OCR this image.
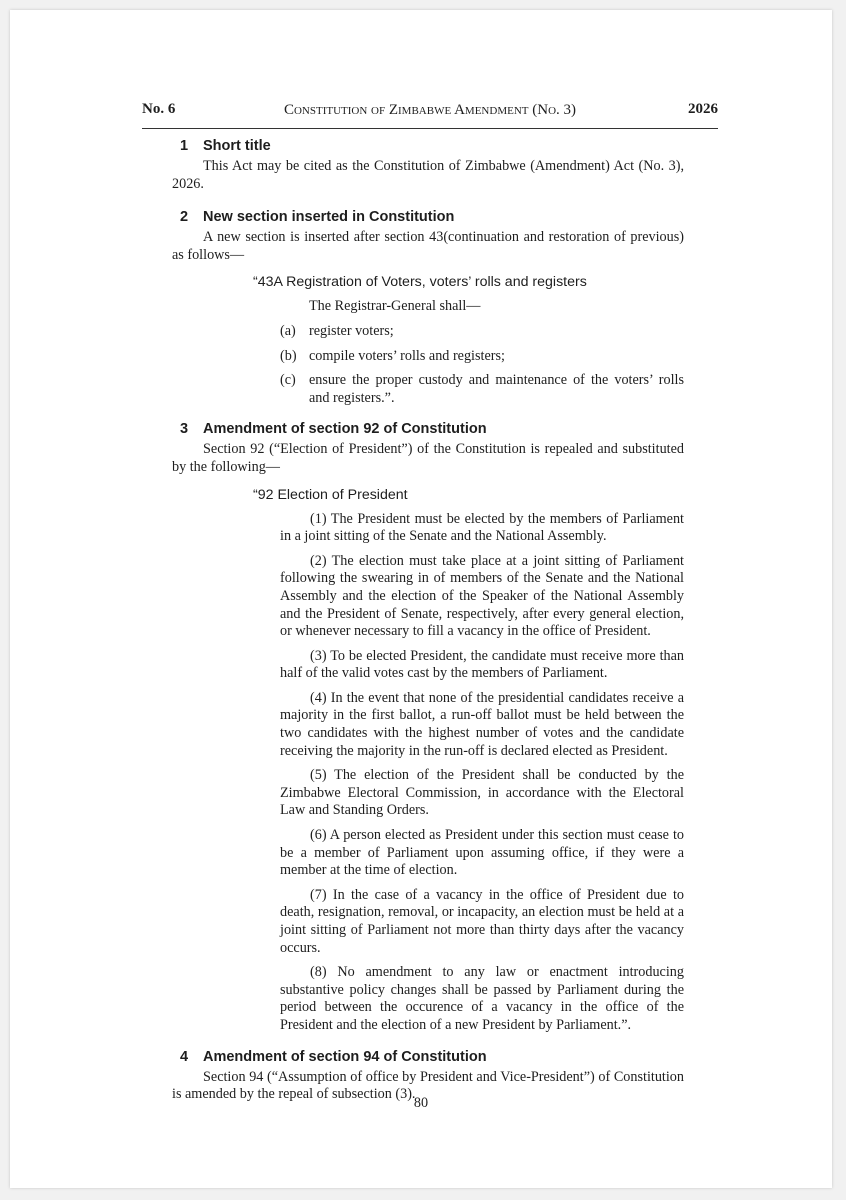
No. 6	Constitution of Zimbabwe Amendment (No. 3)	2026
1	Short title

This Act may be cited as the Constitution of Zimbabwe (Amendment) Act (No. 3), 2026.

2	New section inserted in Constitution

A new section is inserted after section 43(continuation and restoration of previous) as follows—

“43A Registration of Voters, voters’ rolls and registers
The Registrar-General shall—
(a) register voters;
(b) compile voters’ rolls and registers;
(c) ensure the proper custody and maintenance of the voters’ rolls and registers.”.
3	Amendment of section 92 of Constitution

Section 92 (“Election of President”) of the Constitution is repealed and substituted by the following—

“92 Election of President

(1) The President must be elected by the members of Parliament in a joint sitting of the Senate and the National Assembly.

(2) The election must take place at a joint sitting of Parliament following the swearing in of members of the Senate and the National Assembly and the election of the Speaker of the National Assembly and the President of Senate, respectively, after every general election, or whenever necessary to fill a vacancy in the office of President.

(3) To be elected President, the candidate must receive more than half of the valid votes cast by the members of Parliament.

(4) In the event that none of the presidential candidates receive a majority in the first ballot, a run-off ballot must be held between the two candidates with the highest number of votes and the candidate receiving the majority in the run-off is declared elected as President.

(5) The election of the President shall be conducted by the Zimbabwe Electoral Commission, in accordance with the Electoral Law and Standing Orders.

(6) A person elected as President under this section must cease to be a member of Parliament upon assuming office, if they were a member at the time of election.

(7) In the case of a vacancy in the office of President due to death, resignation, removal, or incapacity, an election must be held at a joint sitting of Parliament not more than thirty days after the vacancy occurs.

(8) No amendment to any law or enactment introducing substantive policy changes shall be passed by Parliament during the period between the occurence of a vacancy in the office of the President and the election of a new President by Parliament.”.

4	Amendment of section 94 of Constitution

Section 94 (“Assumption of office by President and Vice-President”) of Constitution is amended by the repeal of subsection (3).

80
